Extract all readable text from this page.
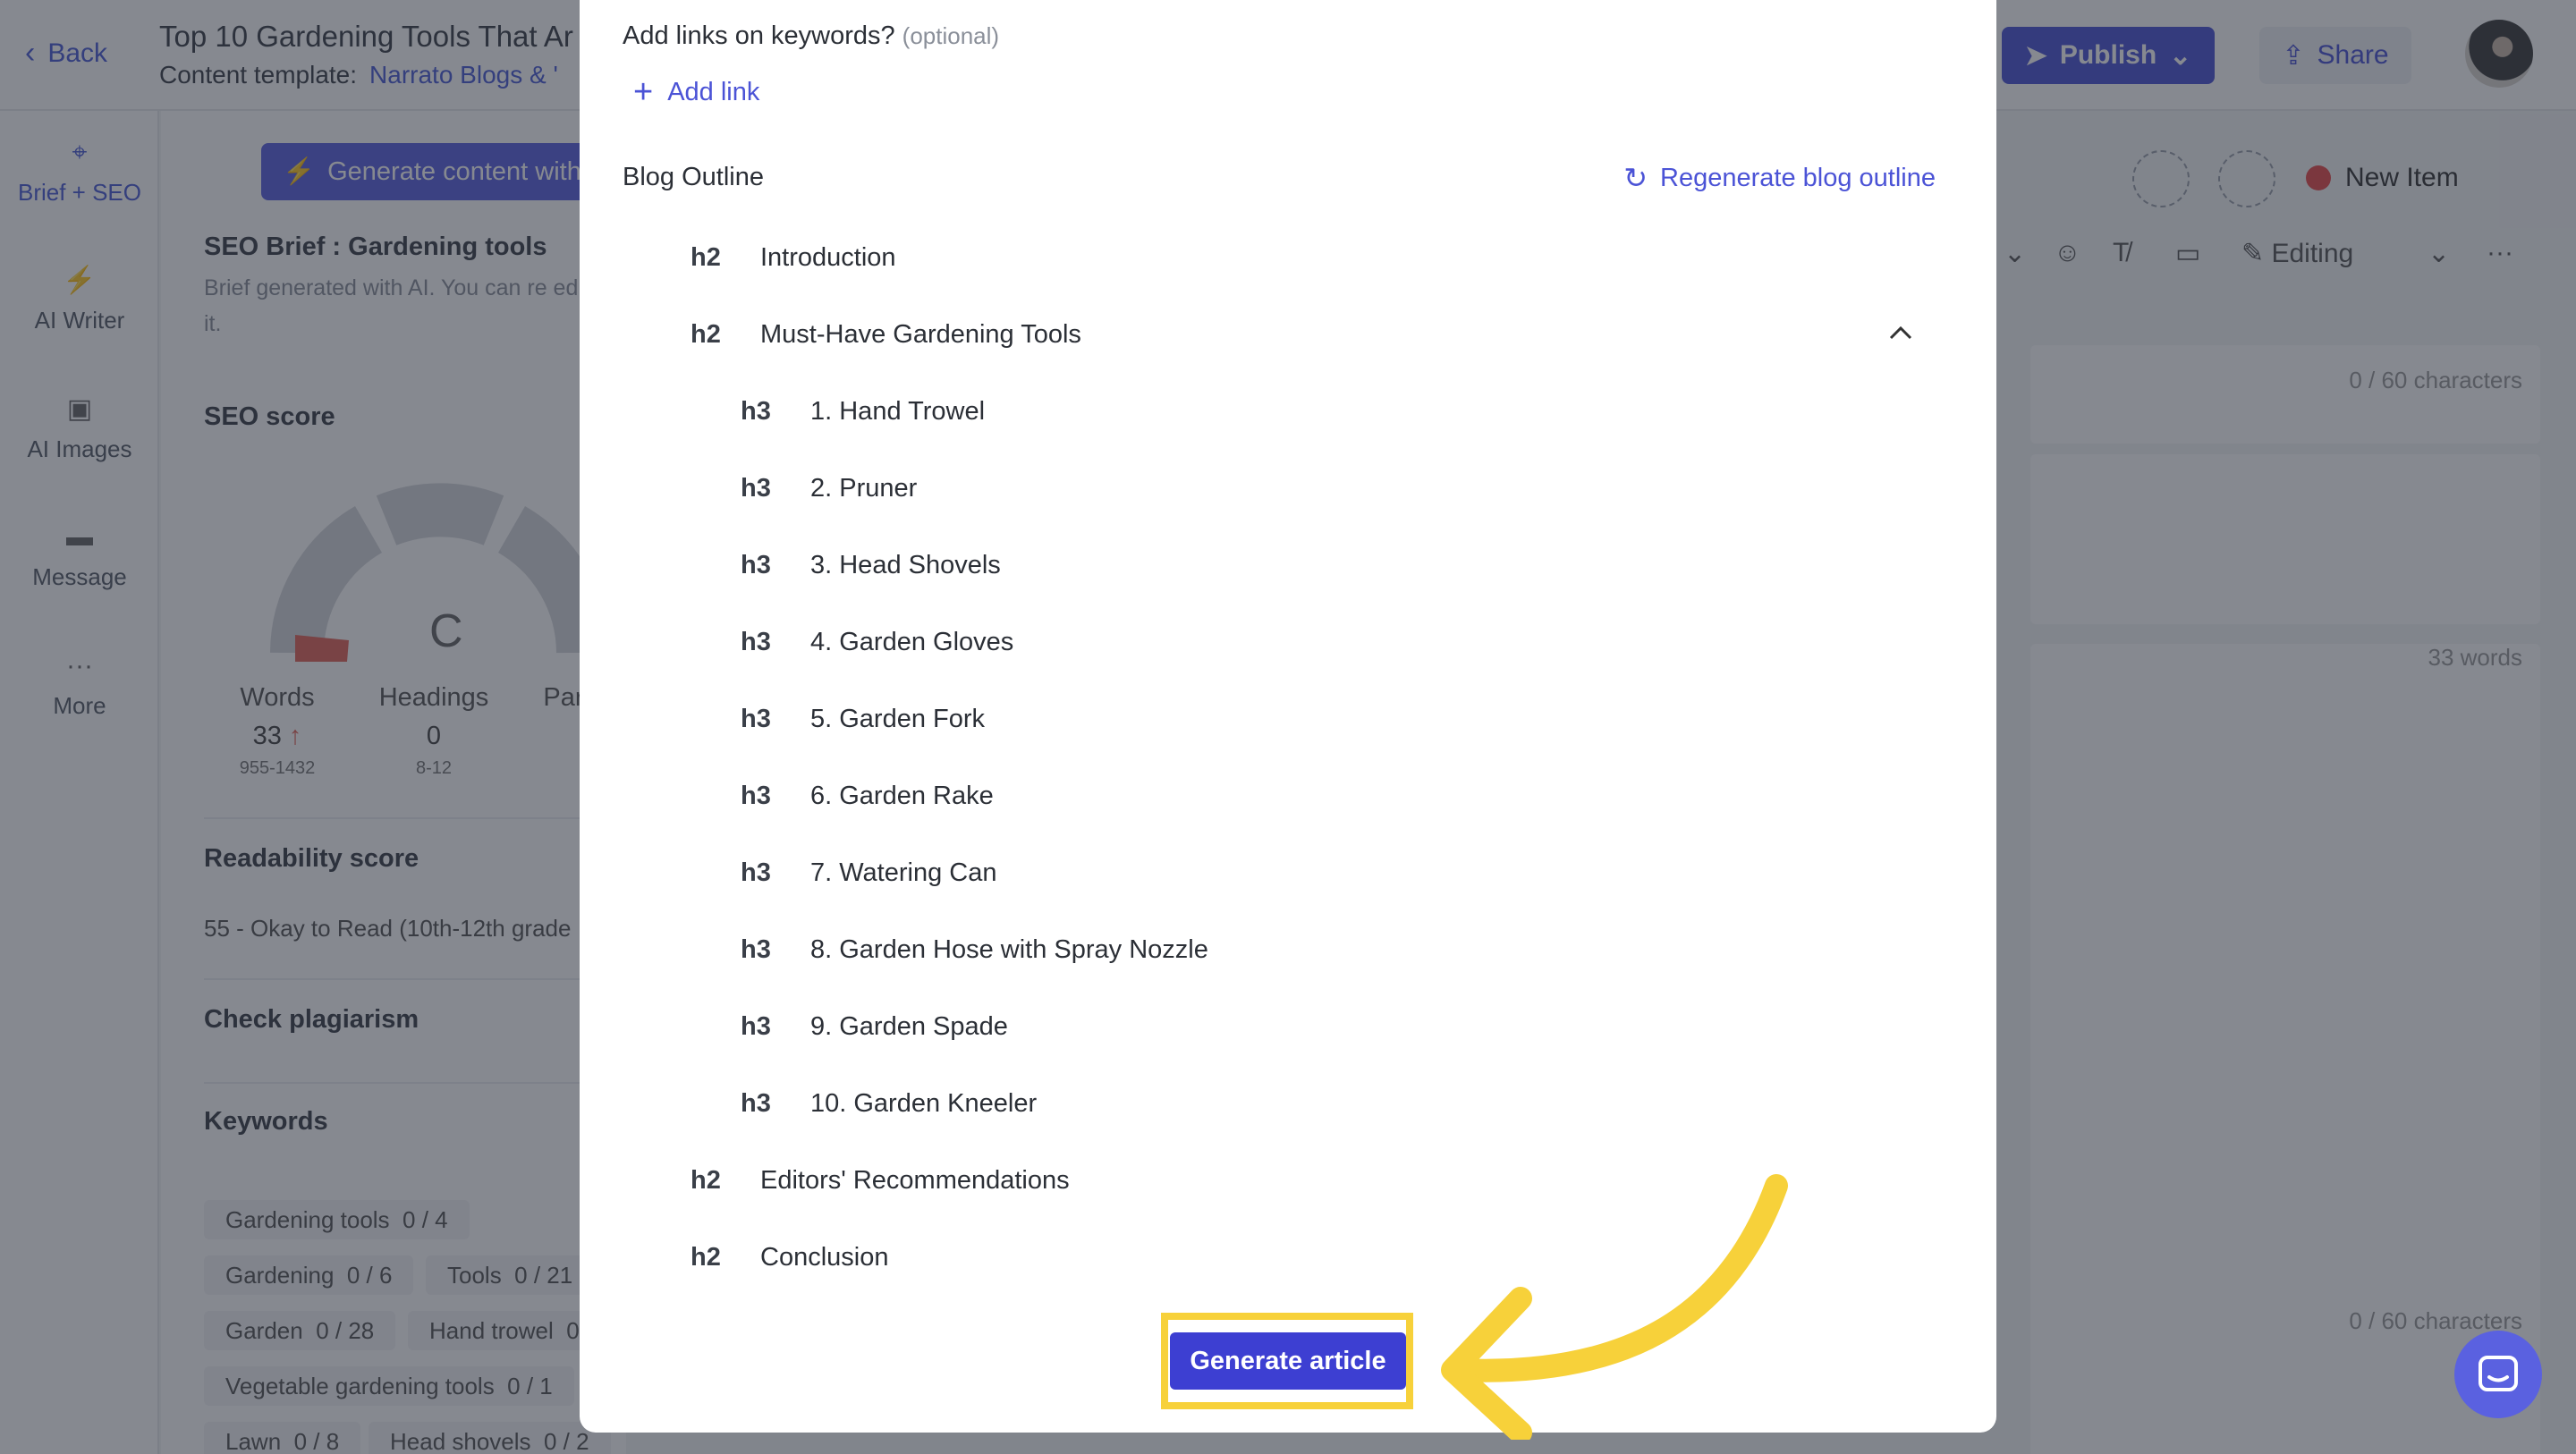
Add links on keywords? (optional)
+ Add link
Blog Outline	↻ Regenerate blog outline
h2	Introduction
h2	Must-Have Gardening Tools
h3	1. Hand Trowel
h3	2. Pruner
h3	3. Head Shovels
h3	4. Garden Gloves
h3	5. Garden Fork
h3	6. Garden Rake
h3	7. Watering Can
h3	8. Garden Hose with Spray Nozzle
h3	9. Garden Spade
h3	10. Garden Kneeler
h2	Editors' Recommendations
h2	Conclusion
Generate article
